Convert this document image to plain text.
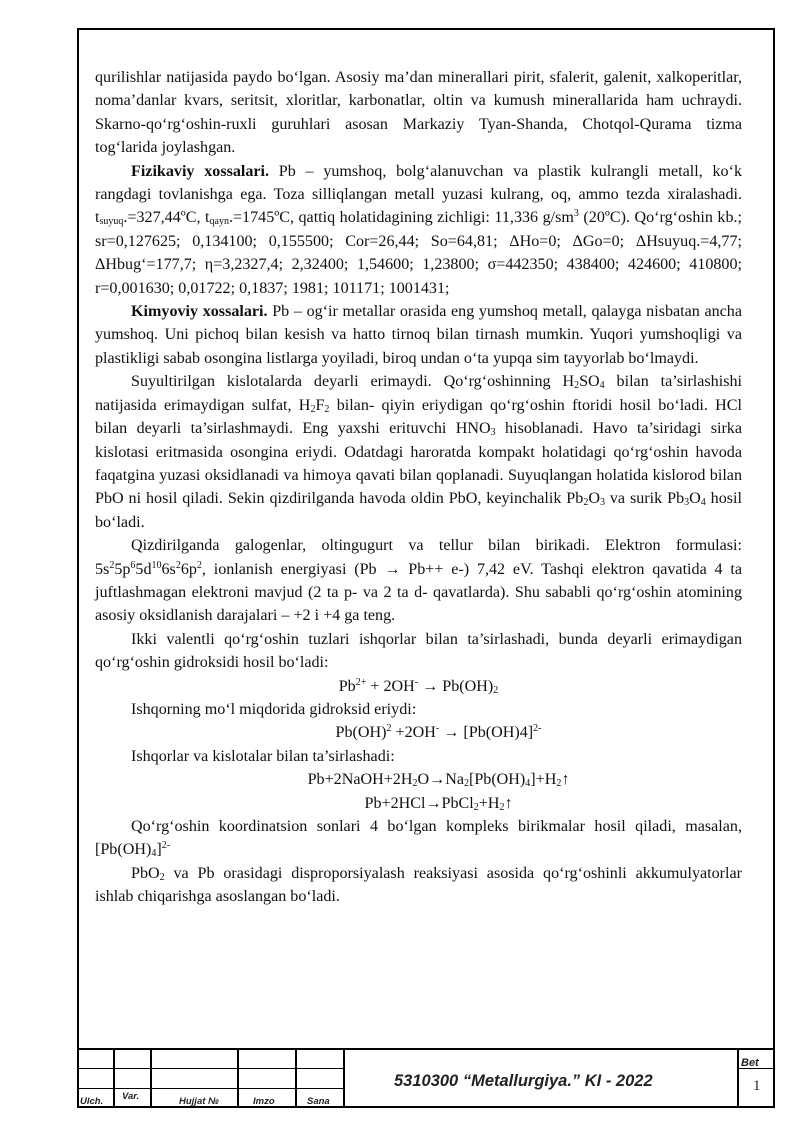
qurilishlar natijasida paydo bo‘lgan. Asosiy ma’dan minerallari pirit, sfalerit, galenit, xalkoperitlar, noma’danlar kvars, seritsit, xloritlar, karbonatlar, oltin va kumush minerallarida ham uchraydi. Skarno-qo‘rg‘oshin-ruxli guruhlari asosan Markaziy Tyan-Shanda, Chotqol-Qurama tizma tog‘larida joylashgan.

Fizikaviy xossalari. Pb – yumshoq, bolg‘alanuvchan va plastik kulrangli metall, ko‘k rangdagi tovlanishga ega. Toza silliqlangan metall yuzasi kulrang, oq, ammo tezda xiralashadi. $t_{suyuq}.=327,44ºC$, $t_{qayn}.=1745ºC$, qattiq holatidagining zichligi: 11,336 $g/sm^3$ (20ºC). Qo‘rg‘oshin kb.; sr=0,127625; 0,134100; 0,155500; Cor=26,44; So=64,81; ΔHo=0; ΔGo=0; ΔHsuyuq.=4,77; ΔHbug‘=177,7; η=3,2327,4; 2,32400; 1,54600; 1,23800; σ=442350; 438400; 424600; 410800; r=0,001630; 0,01722; 0,1837; 1981; 101171; 1001431;

Kimyoviy xossalari. Pb – og‘ir metallar orasida eng yumshoq metall, qalayga nisbatan ancha yumshoq. Uni pichoq bilan kesish va hatto tirnoq bilan tirnash mumkin. Yuqori yumshoqligi va plastikligi sabab osongina listlarga yoyiladi, biroq undan o‘ta yupqa sim tayyorlab bo‘lmaydi.

Suyultirilgan kislotalarda deyarli erimaydi. Qo‘rg‘oshinning $H_2SO_4$ bilan ta’sirlashishi natijasida erimaydigan sulfat, $H_2F_2$ bilan- qiyin eriydigan qo‘rg‘oshin ftoridi hosil bo‘ladi. HCl bilan deyarli ta’sirlashmaydi. Eng yaxshi erituvchi $HNO_3$ hisoblanadi. Havo ta’siridagi sirka kislotasi eritmasida osongina eriydi. Odatdagi haroratda kompakt holatidagi qo‘rg‘oshin havoda faqatgina yuzasi oksidlanadi va himoya qavati bilan qoplanadi. Suyuqlangan holatida kislorod bilan PbO ni hosil qiladi. Sekin qizdirilganda havoda oldin PbO, keyinchalik $Pb_2O_3$ va surik $Pb_3O_4$ hosil bo‘ladi.

Qizdirilganda galogenlar, oltingugurt va tellur bilan birikadi. Elektron formulasi: $5s^25p^65d^{10}6s^26p^2$, ionlanish energiyasi (Pb → Pb++ e-) 7,42 eV. Tashqi elektron qavatida 4 ta juftlashmagan elektroni mavjud (2 ta p- va 2 ta d- qavatlarda). Shu sababli qo‘rg‘oshin atomining asosiy oksidlanish darajalari – +2 i +4 ga teng.

Ikki valentli qo‘rg‘oshin tuzlari ishqorlar bilan ta’sirlashadi, bunda deyarli erimaydigan qo‘rg‘oshin gidroksidi hosil bo‘ladi:

$Pb^{2+} + 2OH^- \to Pb(OH)_2$

Ishqorning mo‘l miqdorida gidroksid eriydi:

$Pb(OH)^2 +2OH^- \to [Pb(OH)4]^{2-}$

Ishqorlar va kislotalar bilan ta’sirlashadi:

$Pb+2NaOH+2H_2O\to Na_2[Pb(OH)_4]+H_2↑$

$Pb+2HCl\to PbCl_2+H_2↑$

Qo‘rg‘oshin koordinatsion sonlari 4 bo‘lgan kompleks birikmalar hosil qiladi, masalan, $[Pb(OH)_4]^{2-}$

PbO$_2$ va Pb orasidagi disproporsiyalash reaksiyasi asosida qo‘rg‘oshinli akkumulyatorlar ishlab chiqarishga asoslangan bo‘ladi.

Ulch. Var.	Hujjat №	Imzo	Sana
5310300 “Metallurgiya.” KI - 2022
Bet
1
